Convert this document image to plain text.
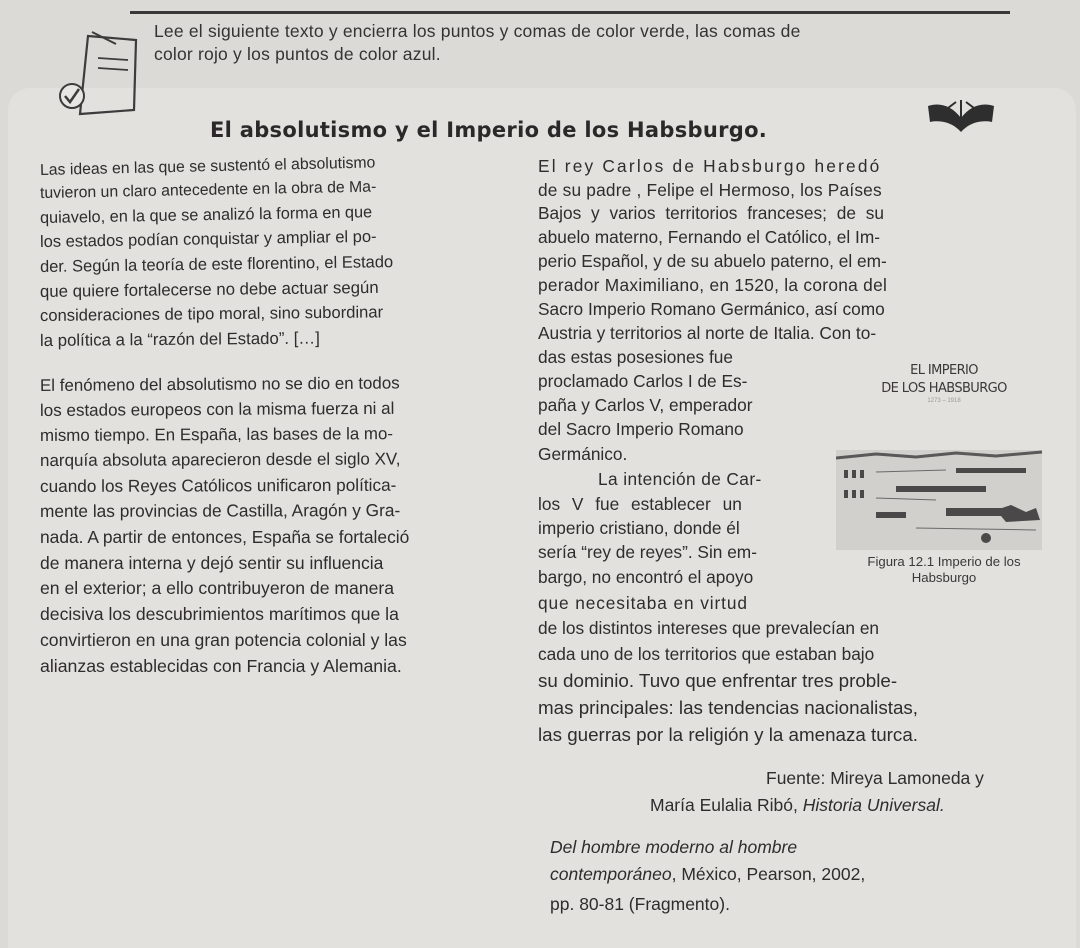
Lee el siguiente texto y encierra los puntos y comas de color verde, las comas de
color rojo y los puntos de color azul.
El absolutismo y el Imperio de los Habsburgo.
Las ideas en las que se sustentó el absolutismo
tuvieron un claro antecedente en la obra de Ma-
quiavelo, en la que se analizó la forma en que
los estados podían conquistar y ampliar el po-
der. Según la teoría de este florentino, el Estado
que quiere fortalecerse no debe actuar según
consideraciones de tipo moral, sino subordinar
la política a la “razón del Estado”. […]
El fenómeno del absolutismo no se dio en todos
los estados europeos con la misma fuerza ni al
mismo tiempo. En España, las bases de la mo-
narquía absoluta aparecieron desde el siglo XV,
cuando los Reyes Católicos unificaron política-
mente las provincias de Castilla, Aragón y Gra-
nada. A partir de entonces, España se fortaleció
de manera interna y dejó sentir su influencia
en el exterior; a ello contribuyeron de manera
decisiva los descubrimientos marítimos que la
convirtieron en una gran potencia colonial y las
alianzas establecidas con Francia y Alemania.
El rey Carlos de Habsburgo heredó
de su padre , Felipe el Hermoso, los Países
Bajos y varios territorios franceses; de su
abuelo materno, Fernando el Católico, el Im-
perio Español, y de su abuelo paterno, el em-
perador Maximiliano, en 1520, la corona del
Sacro Imperio Romano Germánico, así como
Austria y territorios al norte de Italia. Con to-
das estas posesiones fue
proclamado Carlos I de Es-
paña y Carlos V, emperador
del Sacro Imperio Romano
Germánico.
La intención de Car-
los V fue establecer un
imperio cristiano, donde él
sería “rey de reyes”. Sin em-
bargo, no encontró el apoyo
que necesitaba en virtud
de los distintos intereses que prevalecían en
cada uno de los territorios que estaban bajo
su dominio. Tuvo que enfrentar tres proble-
mas principales: las tendencias nacionalistas,
las guerras por la religión y la amenaza turca.
EL IMPERIO
DE LOS HABSBURGO
1273 – 1918
Figura 12.1 Imperio de los
Habsburgo
Fuente: Mireya Lamoneda y
María Eulalia Ribó, Historia Universal.
Del hombre moderno al hombre
contemporáneo, México, Pearson, 2002,
pp. 80-81 (Fragmento).
